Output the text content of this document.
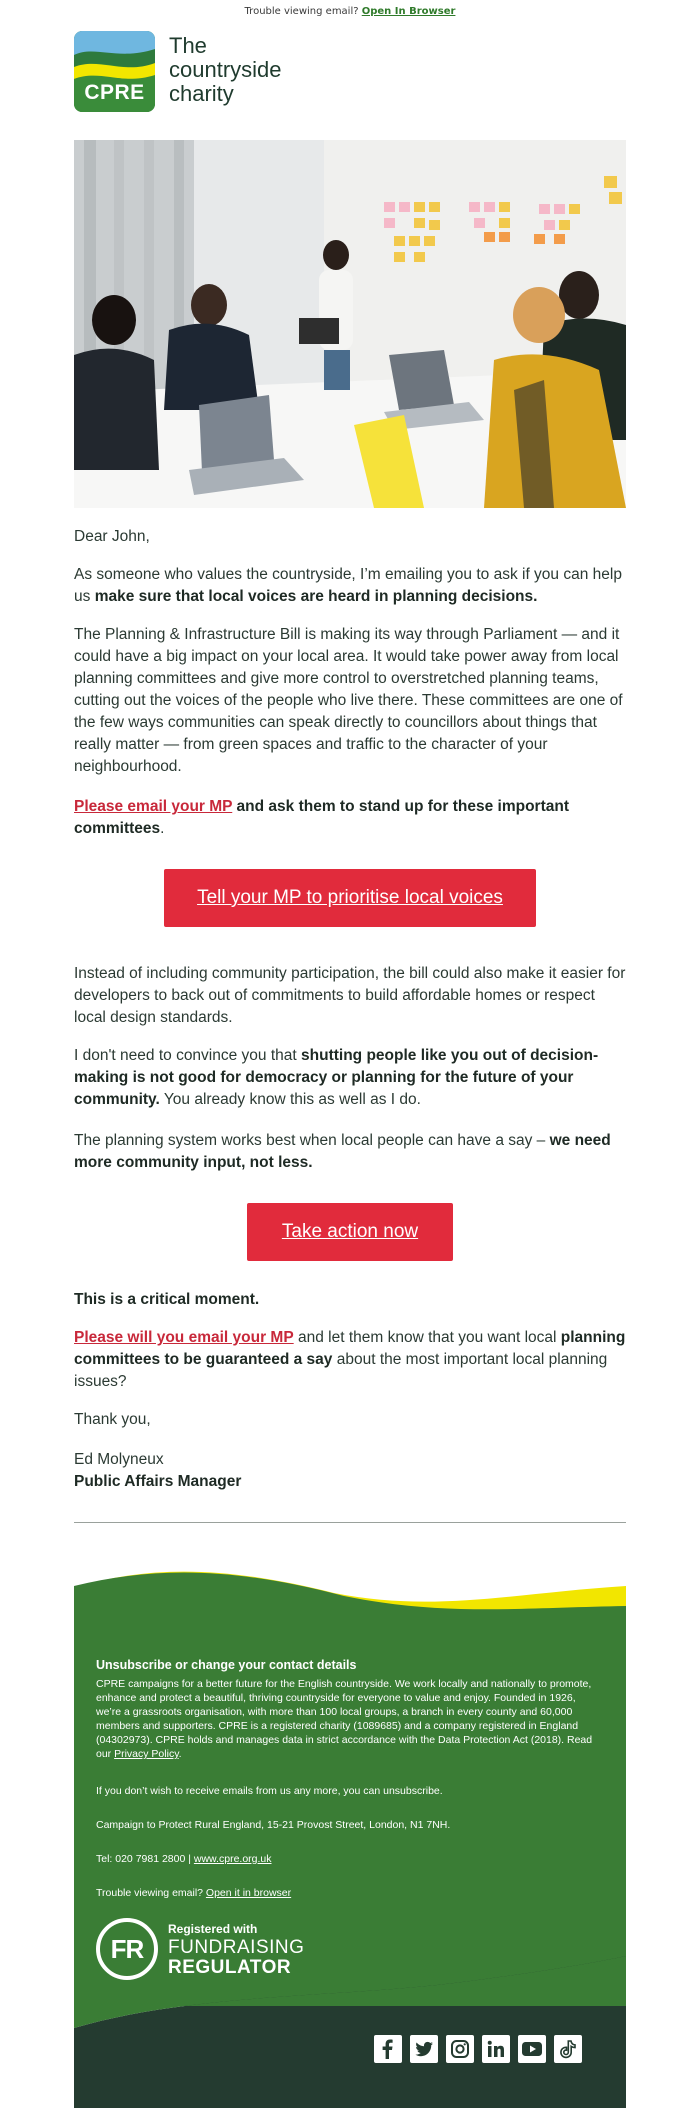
Trouble viewing email? Open In Browser
CPRE
The
countryside
charity
Dear John,
As someone who values the countryside, I’m emailing you to ask if you can help us make sure that local voices are heard in planning decisions.
The Planning & Infrastructure Bill is making its way through Parliament — and it could have a big impact on your local area. It would take power away from local planning committees and give more control to overstretched planning teams, cutting out the voices of the people who live there. These committees are one of the few ways communities can speak directly to councillors about things that really matter — from green spaces and traffic to the character of your neighbourhood.
Please email your MP and ask them to stand up for these important committees.
Tell your MP to prioritise local voices
Instead of including community participation, the bill could also make it easier for developers to back out of commitments to build affordable homes or respect local design standards.
I don't need to convince you that shutting people like you out of decision-making is not good for democracy or planning for the future of your community. You already know this as well as I do.
The planning system works best when local people can have a say – we need more community input, not less.
Take action now
This is a critical moment.
Please will you email your MP and let them know that you want local planning committees to be guaranteed a say about the most important local planning issues?
Thank you,
Ed Molyneux
Public Affairs Manager
Unsubscribe or change your contact details
CPRE campaigns for a better future for the English countryside. We work locally and nationally to promote, enhance and protect a beautiful, thriving countryside for everyone to value and enjoy. Founded in 1926, we’re a grassroots organisation, with more than 100 local groups, a branch in every county and 60,000 members and supporters. CPRE is a registered charity (1089685) and a company registered in England (04302973). CPRE holds and manages data in strict accordance with the Data Protection Act (2018). Read our Privacy Policy.
If you don’t wish to receive emails from us any more, you can unsubscribe.
Campaign to Protect Rural England, 15-21 Provost Street, London, N1 7NH.
Tel: 020 7981 2800 | www.cpre.org.uk
Trouble viewing email? Open it in browser
FR
Registered with
FUNDRAISING
REGULATOR
